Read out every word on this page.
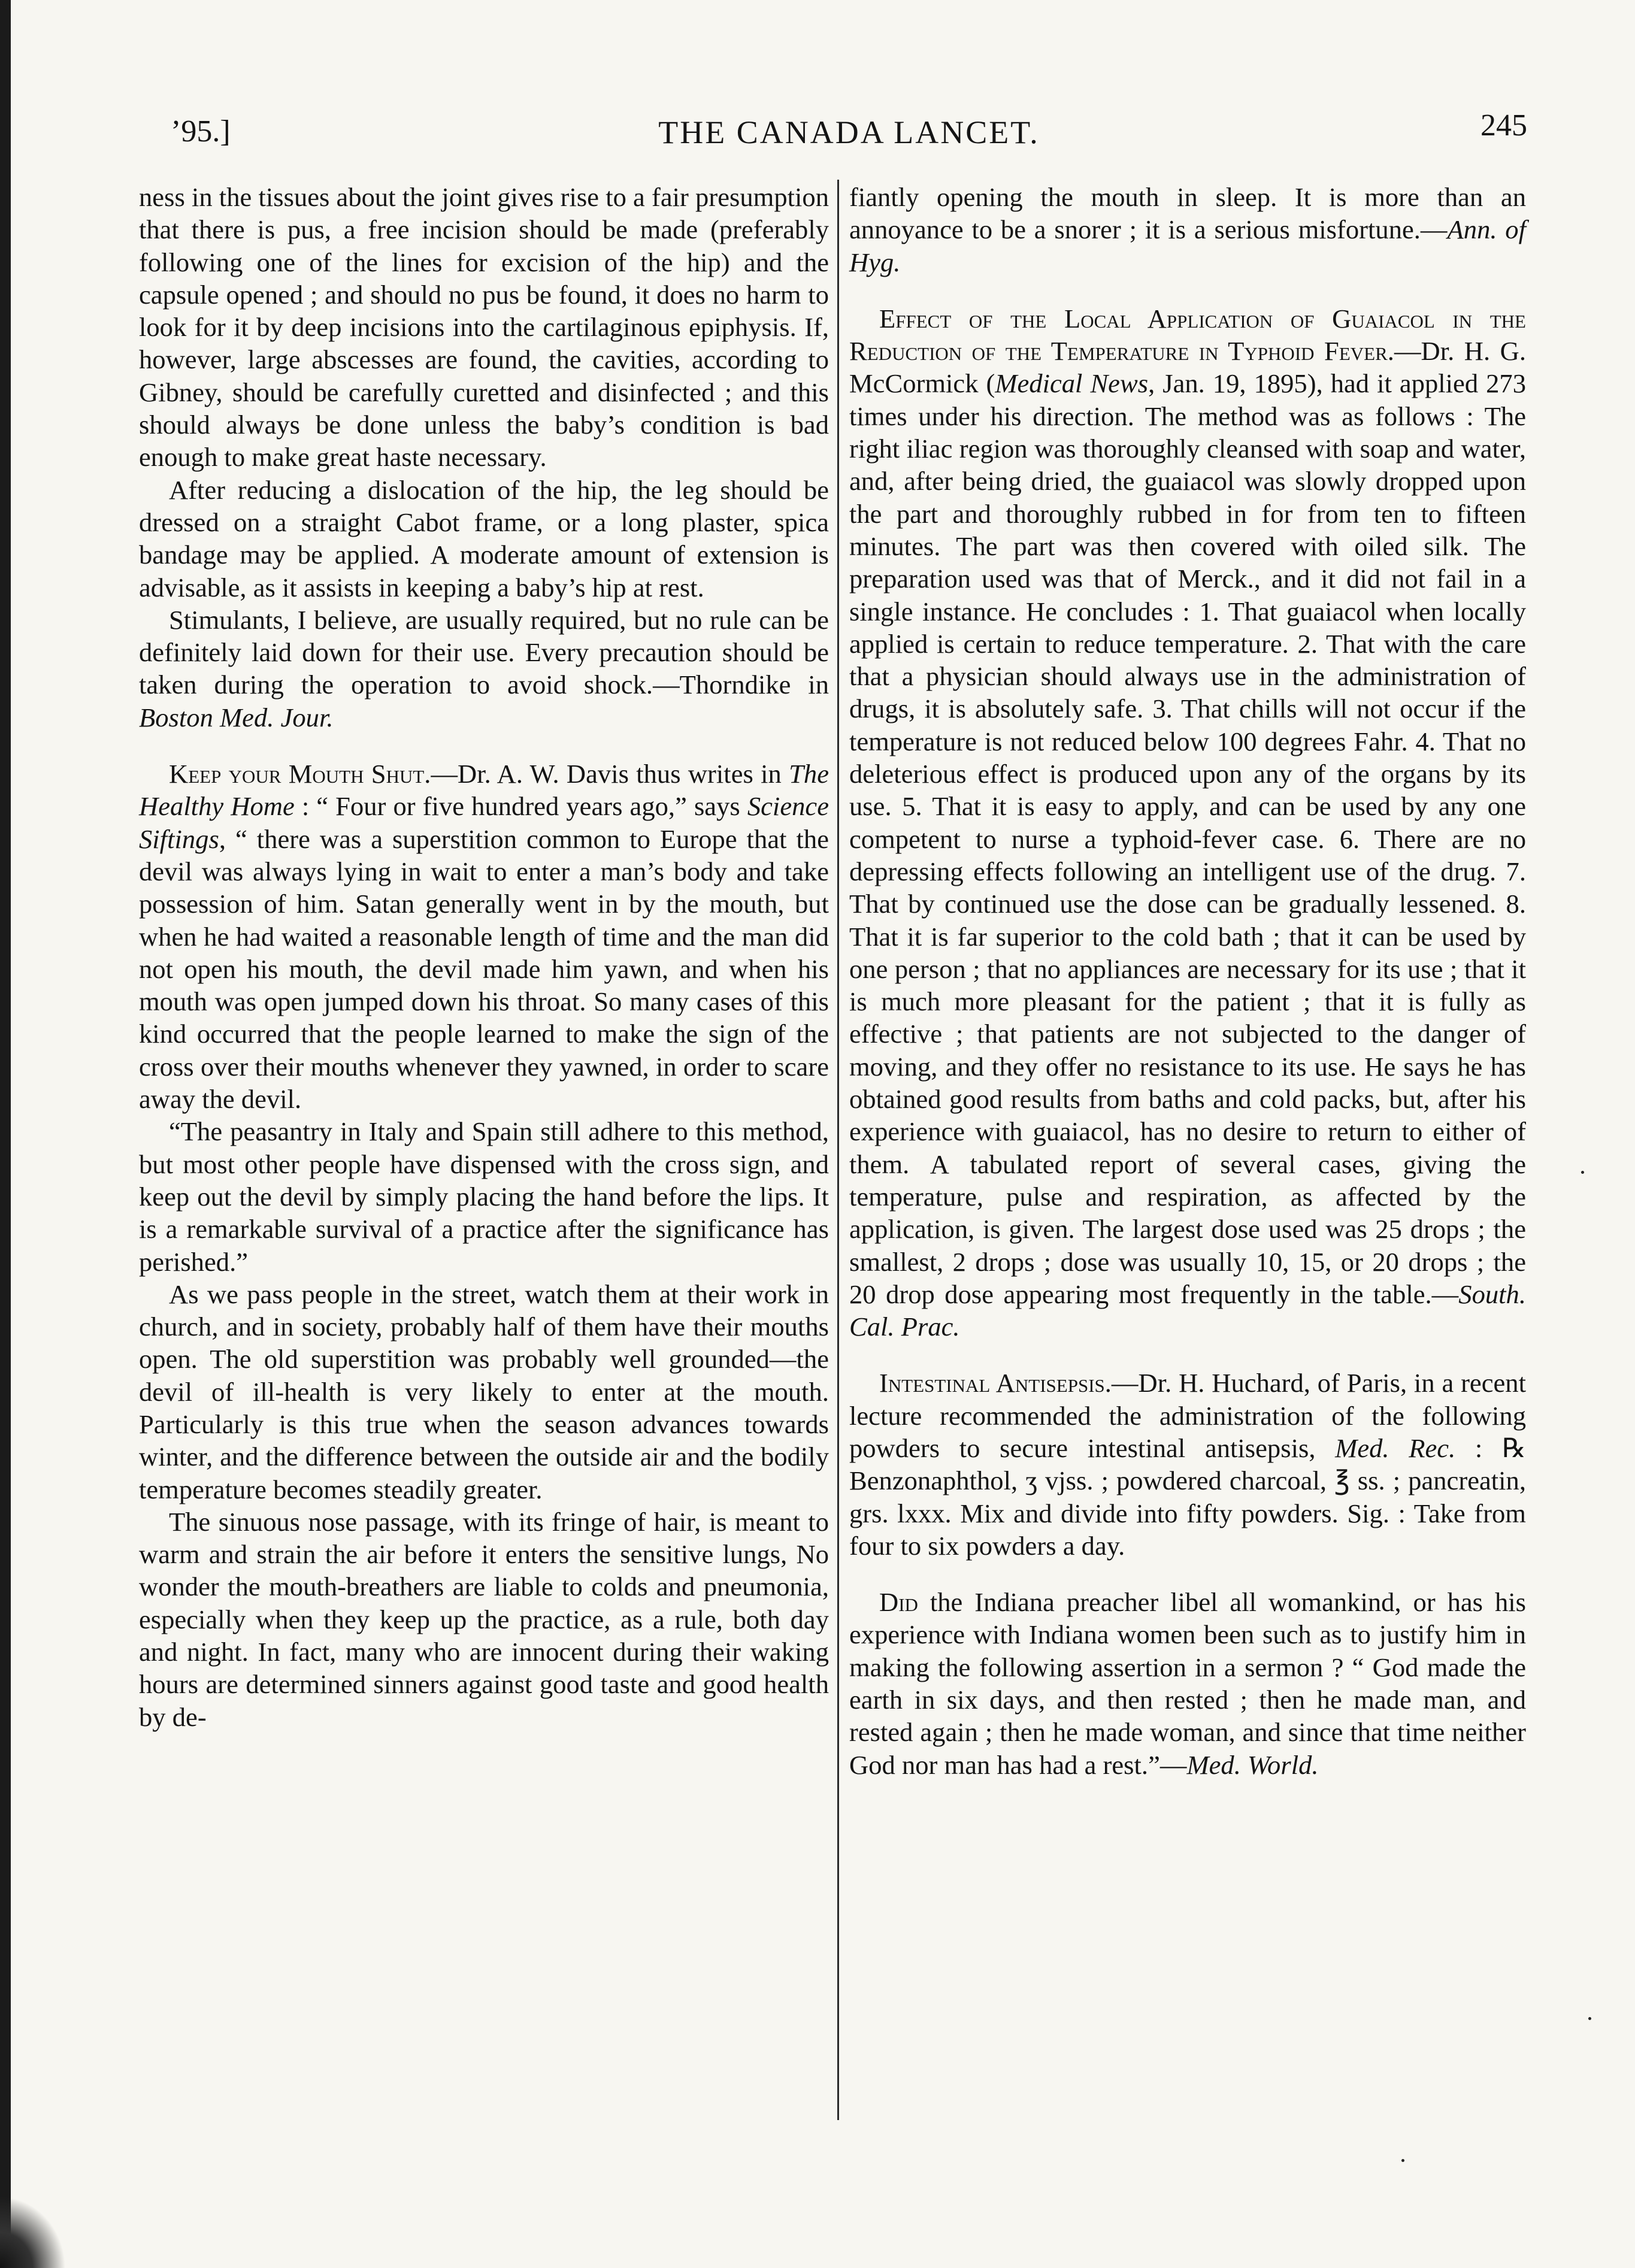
’95.]	THE CANADA LANCET.	245

ness in the tissues about the joint gives rise to a fair presumption that there is pus, a free incision should be made (preferably following one of the lines for excision of the hip) and the capsule opened ; and should no pus be found, it does no harm to look for it by deep incisions into the cartilaginous epiphysis. If, however, large abscesses are found, the cavities, according to Gibney, should be carefully curetted and disinfected ; and this should always be done unless the baby’s condition is bad enough to make great haste necessary.

After reducing a dislocation of the hip, the leg should be dressed on a straight Cabot frame, or a long plaster, spica bandage may be applied. A moderate amount of extension is advisable, as it assists in keeping a baby’s hip at rest.

Stimulants, I believe, are usually required, but no rule can be definitely laid down for their use. Every precaution should be taken during the operation to avoid shock.—Thorndike in Boston Med. Jour.

Keep your Mouth Shut.—Dr. A. W. Davis thus writes in The Healthy Home : “ Four or five hundred years ago,” says Science Siftings, “ there was a superstition common to Europe that the devil was always lying in wait to enter a man’s body and take possession of him. Satan generally went in by the mouth, but when he had waited a reasonable length of time and the man did not open his mouth, the devil made him yawn, and when his mouth was open jumped down his throat. So many cases of this kind occurred that the people learned to make the sign of the cross over their mouths whenever they yawned, in order to scare away the devil.

“The peasantry in Italy and Spain still adhere to this method, but most other people have dispensed with the cross sign, and keep out the devil by simply placing the hand before the lips. It is a remarkable survival of a practice after the significance has perished.”

As we pass people in the street, watch them at their work in church, and in society, probably half of them have their mouths open. The old superstition was probably well grounded—the devil of ill-health is very likely to enter at the mouth. Particularly is this true when the season advances towards winter, and the difference between the outside air and the bodily temperature becomes steadily greater.

The sinuous nose passage, with its fringe of hair, is meant to warm and strain the air before it enters the sensitive lungs, No wonder the mouth-breathers are liable to colds and pneumonia, especially when they keep up the practice, as a rule, both day and night. In fact, many who are innocent during their waking hours are determined sinners against good taste and good health by de-

fiantly opening the mouth in sleep. It is more than an annoyance to be a snorer ; it is a serious misfortune.—Ann. of Hyg.

Effect of the Local Application of Guaiacol in the Reduction of the Temperature in Typhoid Fever.—Dr. H. G. McCormick (Medical News, Jan. 19, 1895), had it applied 273 times under his direction. The method was as follows : The right iliac region was thoroughly cleansed with soap and water, and, after being dried, the guaiacol was slowly dropped upon the part and thoroughly rubbed in for from ten to fifteen minutes. The part was then covered with oiled silk. The preparation used was that of Merck., and it did not fail in a single instance. He concludes : 1. That guaiacol when locally applied is certain to reduce temperature. 2. That with the care that a physician should always use in the administration of drugs, it is absolutely safe. 3. That chills will not occur if the temperature is not reduced below 100 degrees Fahr. 4. That no deleterious effect is produced upon any of the organs by its use. 5. That it is easy to apply, and can be used by any one competent to nurse a typhoid-fever case. 6. There are no depressing effects following an intelligent use of the drug. 7. That by continued use the dose can be gradually lessened. 8. That it is far superior to the cold bath ; that it can be used by one person ; that no appliances are necessary for its use ; that it is much more pleasant for the patient ; that it is fully as effective ; that patients are not subjected to the danger of moving, and they offer no resistance to its use. He says he has obtained good results from baths and cold packs, but, after his experience with guaiacol, has no desire to return to either of them. A tabulated report of several cases, giving the temperature, pulse and respiration, as affected by the application, is given. The largest dose used was 25 drops ; the smallest, 2 drops ; dose was usually 10, 15, or 20 drops ; the 20 drop dose appearing most frequently in the table.—South. Cal. Prac.

Intestinal Antisepsis.—Dr. H. Huchard, of Paris, in a recent lecture recommended the administration of the following powders to secure intestinal antisepsis, Med. Rec. : ℞ Benzonaphthol, ʒ vjss. ; powdered charcoal, ℥ ss. ; pancreatin, grs. lxxx. Mix and divide into fifty powders. Sig. : Take from four to six powders a day.

Did the Indiana preacher libel all womankind, or has his experience with Indiana women been such as to justify him in making the following assertion in a sermon ? “ God made the earth in six days, and then rested ; then he made man, and rested again ; then he made woman, and since that time neither God nor man has had a rest.”—Med. World.
